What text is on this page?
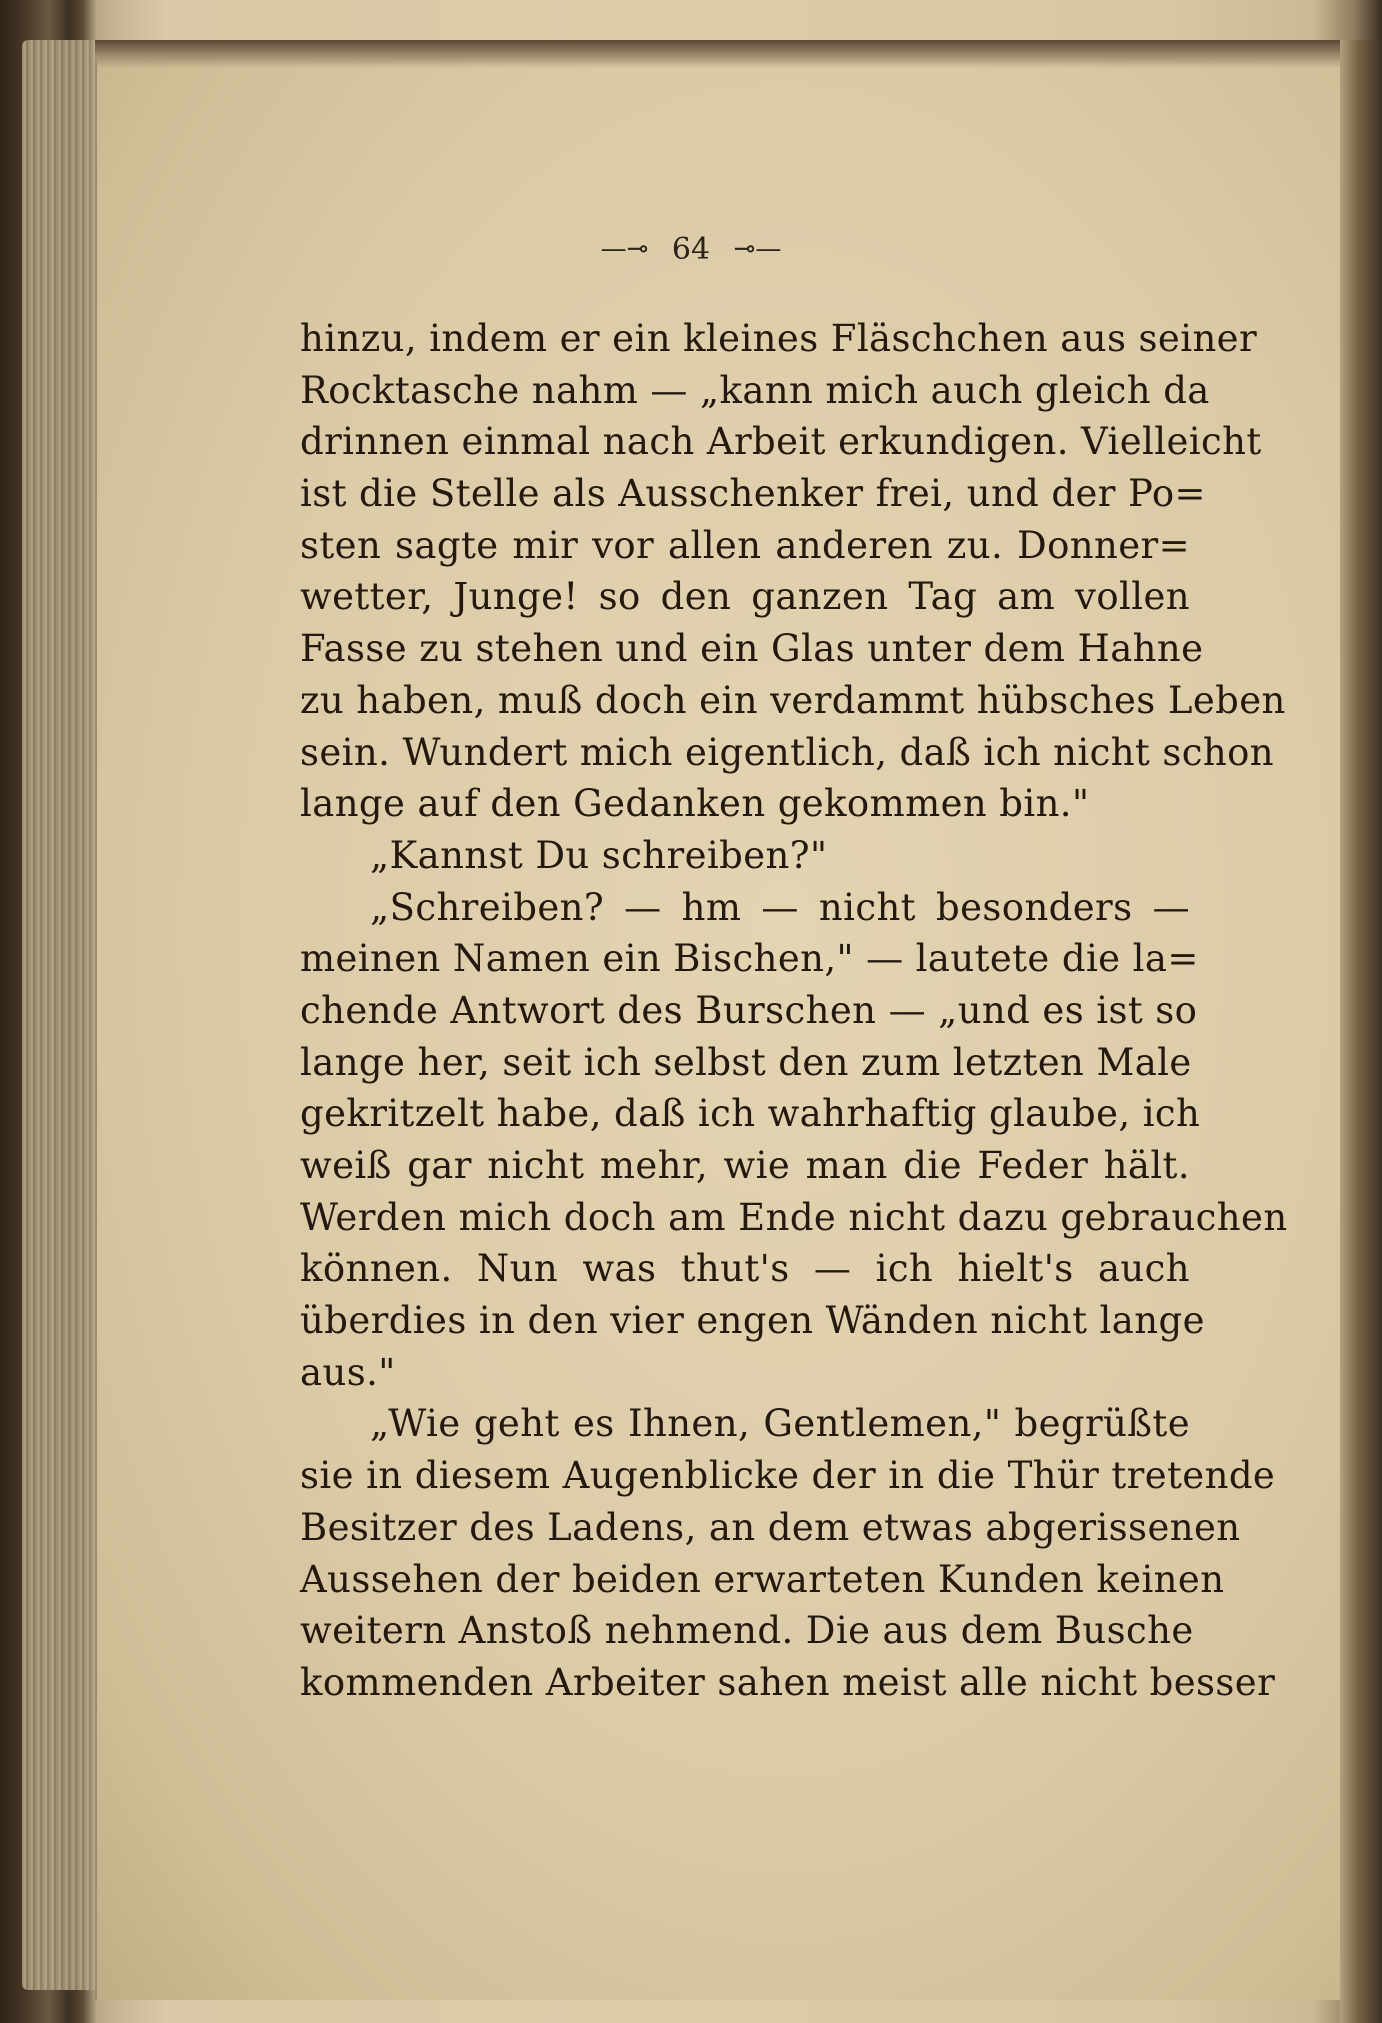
—⊸ 64 ⊸—
hinzu, indem er ein kleines Fläschchen aus seiner
Rocktasche nahm — „kann mich auch gleich da
drinnen einmal nach Arbeit erkundigen. Vielleicht
ist die Stelle als Ausschenker frei, und der Po=
sten sagte mir vor allen anderen zu. Donner=
wetter, Junge! so den ganzen Tag am vollen
Fasse zu stehen und ein Glas unter dem Hahne
zu haben, muß doch ein verdammt hübsches Leben
sein. Wundert mich eigentlich, daß ich nicht schon
lange auf den Gedanken gekommen bin."
„Kannst Du schreiben?"
„Schreiben? — hm — nicht besonders —
meinen Namen ein Bischen," — lautete die la=
chende Antwort des Burschen — „und es ist so
lange her, seit ich selbst den zum letzten Male
gekritzelt habe, daß ich wahrhaftig glaube, ich
weiß gar nicht mehr, wie man die Feder hält.
Werden mich doch am Ende nicht dazu gebrauchen
können. Nun was thut's — ich hielt's auch
überdies in den vier engen Wänden nicht lange
aus."
„Wie geht es Ihnen, Gentlemen," begrüßte
sie in diesem Augenblicke der in die Thür tretende
Besitzer des Ladens, an dem etwas abgerissenen
Aussehen der beiden erwarteten Kunden keinen
weitern Anstoß nehmend. Die aus dem Busche
kommenden Arbeiter sahen meist alle nicht besser
